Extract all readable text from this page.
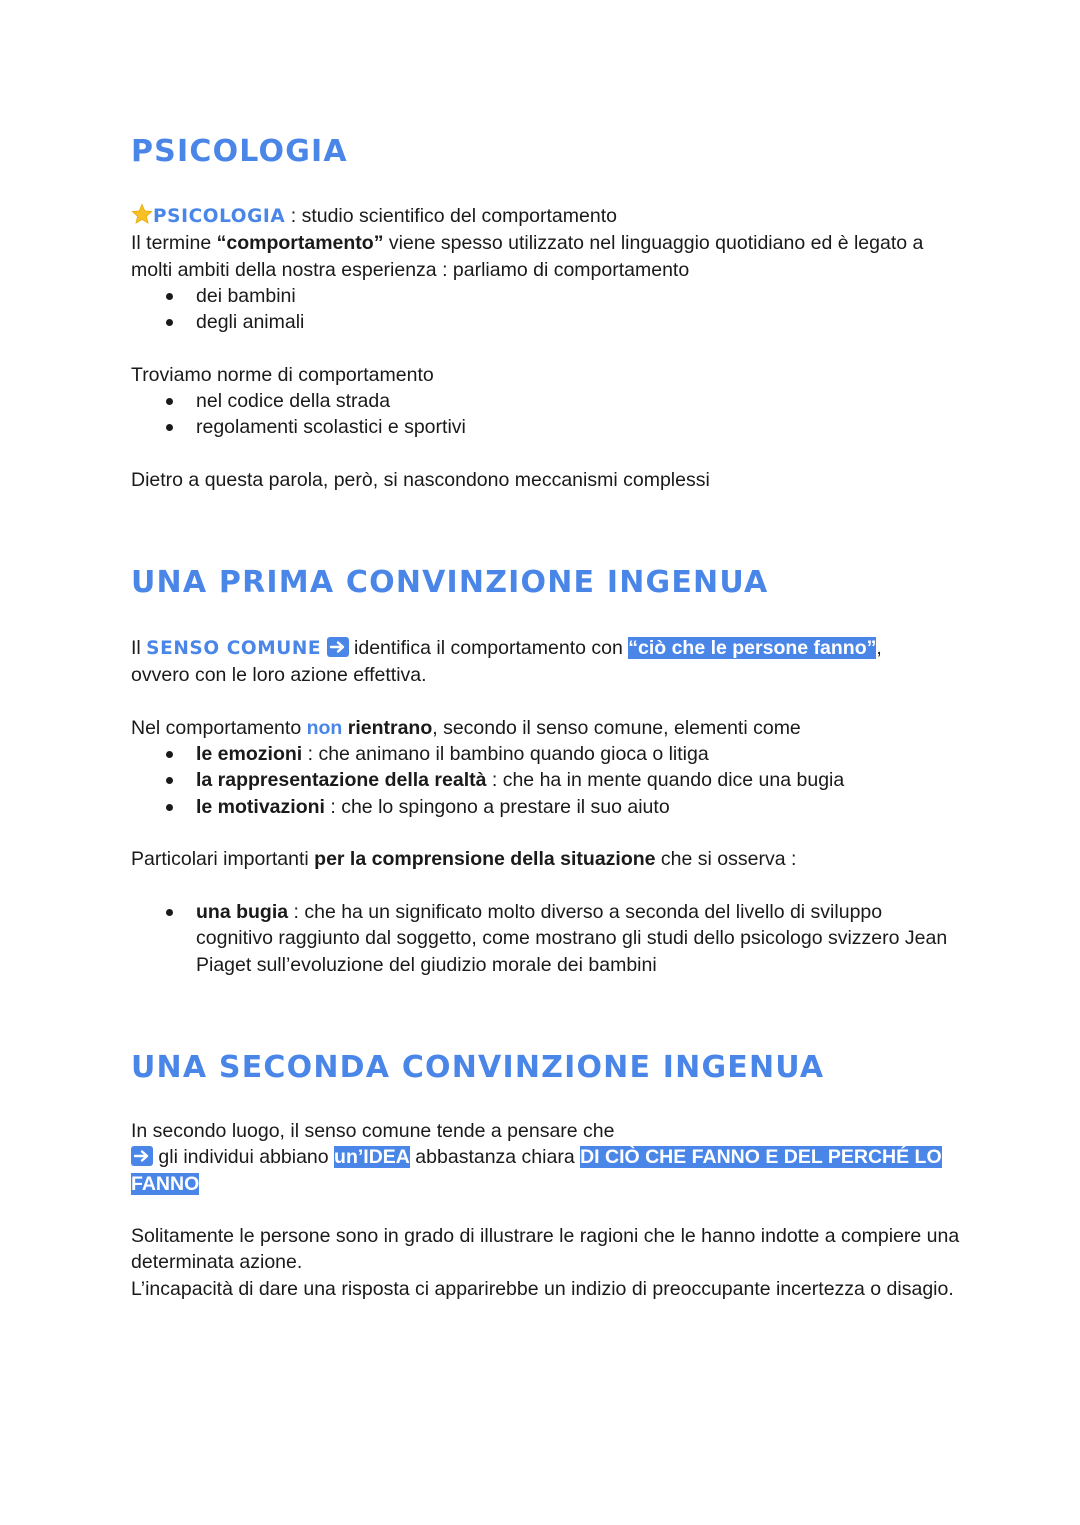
PSICOLOGIA

PSICOLOGIA : studio scientifico del comportamento

Il termine “comportamento” viene spesso utilizzato nel linguaggio quotidiano ed è legato a molti ambiti della nostra esperienza : parliamo di comportamento

dei bambini
degli animali

Troviamo norme di comportamento

nel codice della strada
regolamenti scolastici e sportivi

Dietro a questa parola, però, si nascondono meccanismi complessi

UNA PRIMA CONVINZIONE INGENUA

Il SENSO COMUNE
identifica il comportamento con “ciò che le persone fanno”,

ovvero con le loro azione effettiva.

Nel comportamento non rientrano, secondo il senso comune, elementi come

le emozioni : che animano il bambino quando gioca o litiga
la rappresentazione della realtà : che ha in mente quando dice una bugia
le motivazioni : che lo spingono a prestare il suo aiuto

Particolari importanti per la comprensione della situazione che si osserva :

una bugia : che ha un significato molto diverso a seconda del livello di sviluppo cognitivo raggiunto dal soggetto, come mostrano gli studi dello psicologo svizzero Jean Piaget sull’evoluzione del giudizio morale dei bambini
UNA SECONDA CONVINZIONE INGENUA

In secondo luogo, il senso comune tende a pensare che

gli individui abbiano un’IDEA abbastanza chiara DI CIÒ CHE FANNO E DEL PERCHÉ LO FANNO

Solitamente le persone sono in grado di illustrare le ragioni che le hanno indotte a compiere una determinata azione.

L’incapacità di dare una risposta ci apparirebbe un indizio di preoccupante incertezza o disagio.
